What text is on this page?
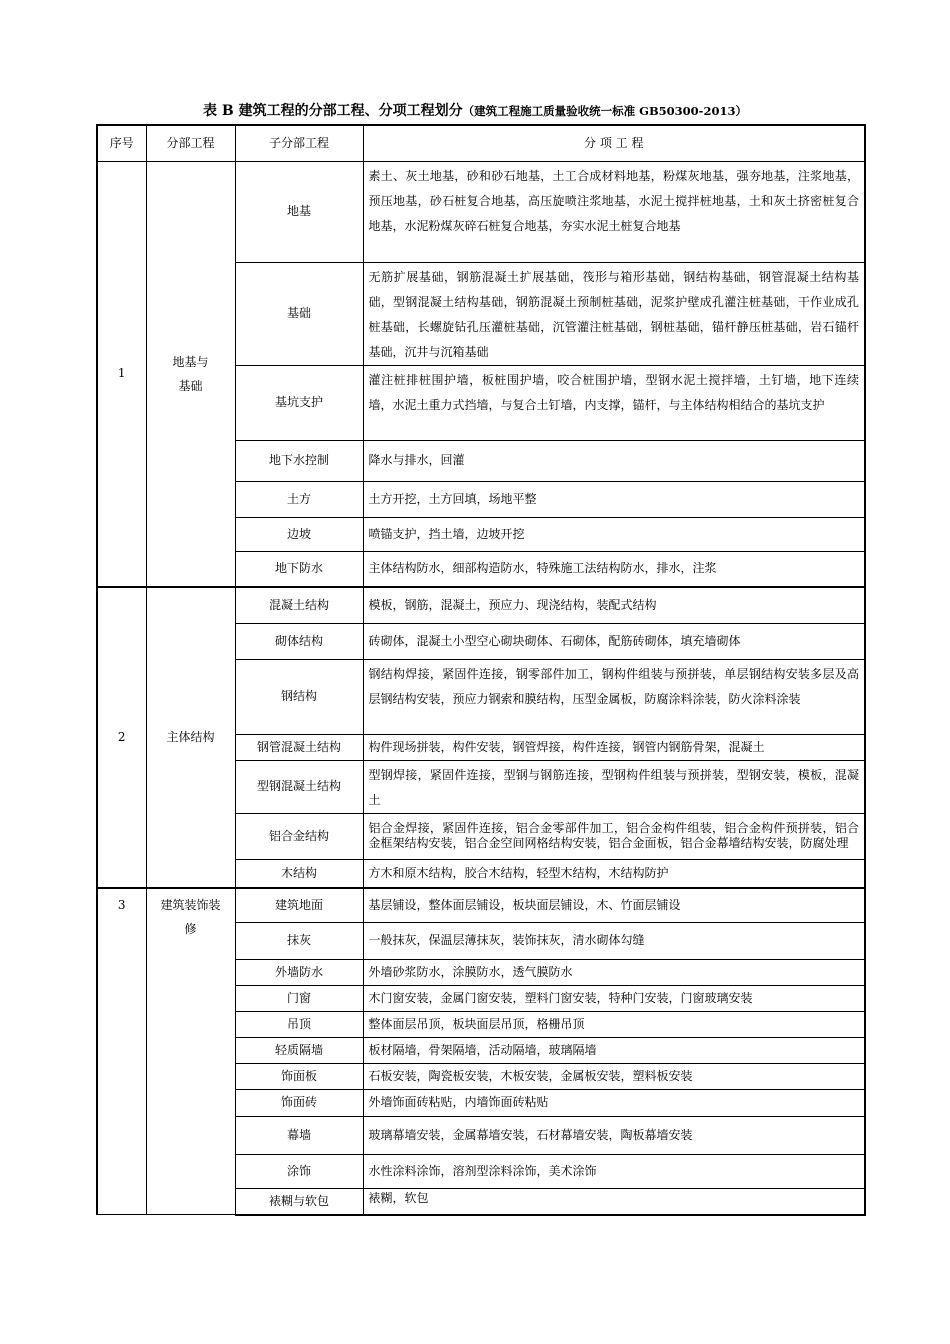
表 B 建筑工程的分部工程、分项工程划分（建筑工程施工质量验收统一标准 GB50300-2013）
序号	分部工程	子分部工程	分 项 工 程
1	地基与基础	地基	素土、灰土地基，砂和砂石地基，土工合成材料地基，粉煤灰地基，强夯地基，注浆地基，预压地基，砂石桩复合地基，高压旋喷注浆地基，水泥土搅拌桩地基，土和灰土挤密桩复合地基，水泥粉煤灰碎石桩复合地基，夯实水泥土桩复合地基
		基础	无筋扩展基础，钢筋混凝土扩展基础，筏形与箱形基础，钢结构基础，钢管混凝土结构基础，型钢混凝土结构基础，钢筋混凝土预制桩基础，泥浆护壁成孔灌注桩基础，干作业成孔桩基础，长螺旋钻孔压灌桩基础，沉管灌注桩基础，钢桩基础，锚杆静压桩基础，岩石锚杆基础，沉井与沉箱基础
		基坑支护	灌注桩排桩围护墙，板桩围护墙，咬合桩围护墙，型钢水泥土搅拌墙，土钉墙，地下连续墙，水泥土重力式挡墙，与复合土钉墙，内支撑，锚杆，与主体结构相结合的基坑支护
		地下水控制	降水与排水，回灌
		土方	土方开挖，土方回填，场地平整
		边坡	喷锚支护，挡土墙，边坡开挖
		地下防水	主体结构防水，细部构造防水，特殊施工法结构防水，排水，注浆
2	主体结构	混凝土结构	模板，钢筋，混凝土，预应力、现浇结构，装配式结构
		砌体结构	砖砌体，混凝土小型空心砌块砌体、石砌体，配筋砖砌体，填充墙砌体
		钢结构	钢结构焊接，紧固件连接，钢零部件加工，钢构件组装与预拼装，单层钢结构安装多层及高层钢结构安装，预应力钢索和膜结构，压型金属板，防腐涂料涂装，防火涂料涂装
		钢管混凝土结构	构件现场拼装，构件安装，钢管焊接，构件连接，钢管内钢筋骨架，混凝土
		型钢混凝土结构	型钢焊接，紧固件连接，型钢与钢筋连接，型钢构件组装与预拼装，型钢安装，模板，混凝土
		铝合金结构	铝合金焊接，紧固件连接，铝合金零部件加工，铝合金构件组装，铝合金构件预拼装，铝合金框架结构安装，铝合金空间网格结构安装，铝合金面板，铝合金幕墙结构安装，防腐处理
		木结构	方木和原木结构，胶合木结构，轻型木结构，木结构防护
3	建筑装饰装修	建筑地面	基层铺设，整体面层铺设，板块面层铺设，木、竹面层铺设
		抹灰	一般抹灰，保温层薄抹灰，装饰抹灰，清水砌体勾缝
		外墙防水	外墙砂浆防水，涂膜防水，透气膜防水
		门窗	木门窗安装，金属门窗安装，塑料门窗安装，特种门安装，门窗玻璃安装
		吊顶	整体面层吊顶，板块面层吊顶，格栅吊顶
		轻质隔墙	板材隔墙，骨架隔墙，活动隔墙，玻璃隔墙
		饰面板	石板安装，陶瓷板安装，木板安装，金属板安装，塑料板安装
		饰面砖	外墙饰面砖粘贴，内墙饰面砖粘贴
		幕墙	玻璃幕墙安装，金属幕墙安装，石材幕墙安装，陶板幕墙安装
		涂饰	水性涂料涂饰，溶剂型涂料涂饰，美术涂饰
		裱糊与软包	裱糊，软包
